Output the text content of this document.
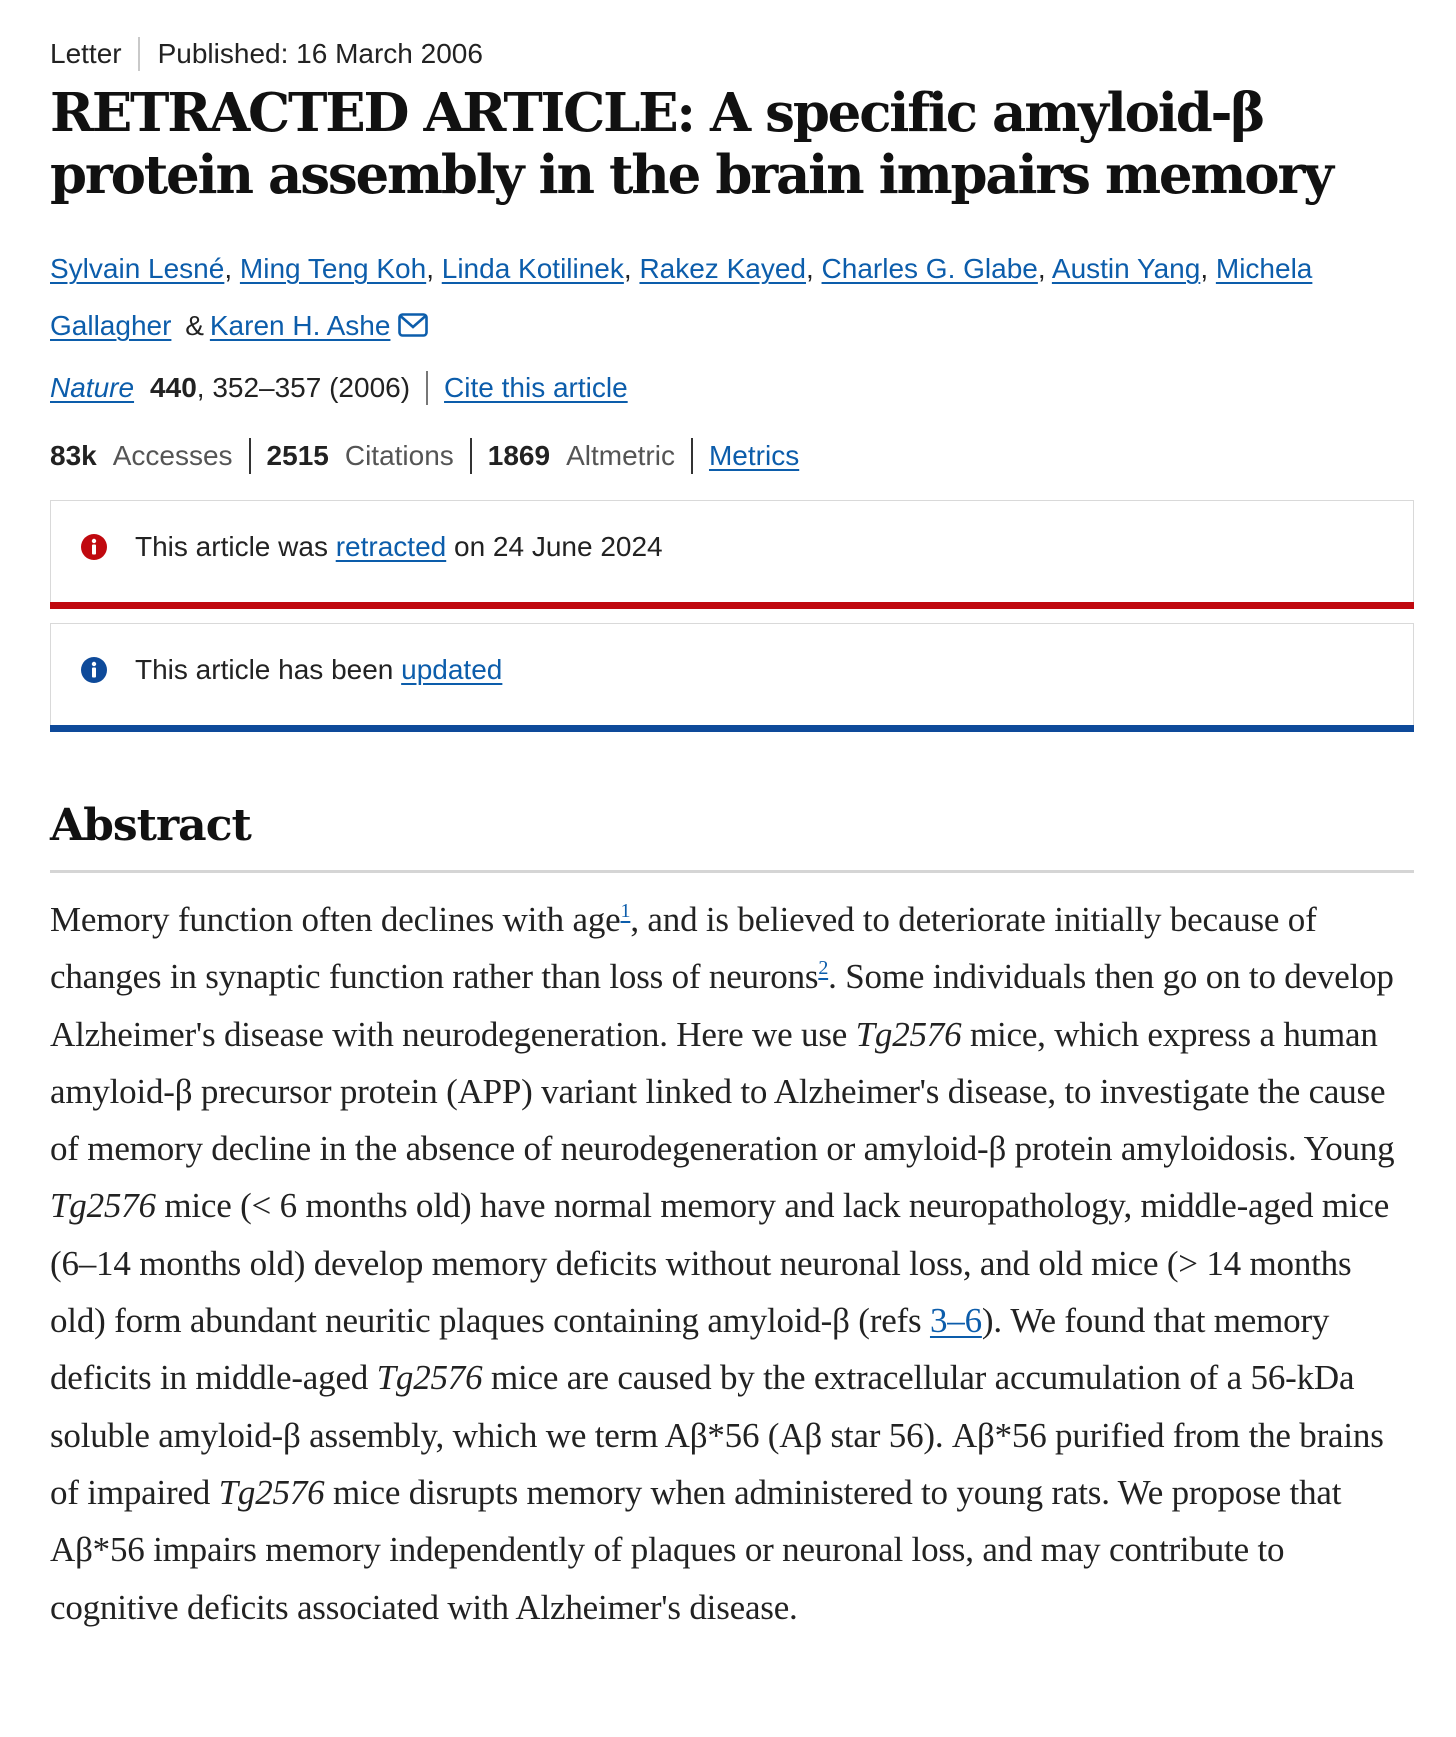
Letter Published: 16 March 2006
RETRACTED ARTICLE: A specific amyloid-β protein assembly in the brain impairs memory
Sylvain Lesné, Ming Teng Koh, Linda Kotilinek, Rakez Kayed, Charles G. Glabe, Austin Yang, Michela Gallagher & Karen H. Ashe
Nature 440 , 352–357 (2006) Cite this article
83k Accesses 2515 Citations 1869 Altmetric Metrics
This article was retracted on 24 June 2024
This article has been updated
Abstract

Memory function often declines with age$^1$, and is believed to deteriorate initially because of changes in synaptic function rather than loss of neurons$^2$. Some individuals then go on to develop Alzheimer's disease with neurodegeneration. Here we use Tg2576 mice, which express a human amyloid-β precursor protein (APP) variant linked to Alzheimer's disease, to investigate the cause of memory decline in the absence of neurodegeneration or amyloid-β protein amyloidosis. Young Tg2576 mice (< 6 months old) have normal memory and lack neuropathology, middle-aged mice (6–14 months old) develop memory deficits without neuronal loss, and old mice (> 14 months old) form abundant neuritic plaques containing amyloid-β (refs 3–6). We found that memory deficits in middle-aged Tg2576 mice are caused by the extracellular accumulation of a 56-kDa soluble amyloid-β assembly, which we term Aβ*56 (Aβ star 56). Aβ*56 purified from the brains of impaired Tg2576 mice disrupts memory when administered to young rats. We propose that Aβ*56 impairs memory independently of plaques or neuronal loss, and may contribute to cognitive deficits associated with Alzheimer's disease.
